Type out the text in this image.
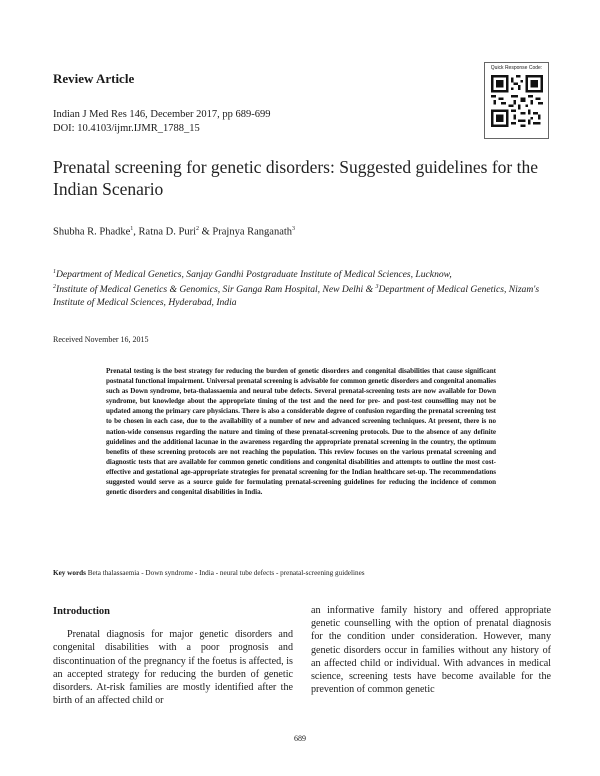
Review Article
Indian J Med Res 146, December 2017, pp 689-699
DOI: 10.4103/ijmr.IJMR_1788_15
Quick Response Code:
Prenatal screening for genetic disorders: Suggested guidelines for the Indian Scenario
Shubha R. Phadke$^1$, Ratna D. Puri$^2$ & Prajnya Ranganath$^3$
$^1$Department of Medical Genetics, Sanjay Gandhi Postgraduate Institute of Medical Sciences, Lucknow,
$^2$Institute of Medical Genetics & Genomics, Sir Ganga Ram Hospital, New Delhi & $^3$Department of Medical Genetics, Nizam's Institute of Medical Sciences, Hyderabad, India
Received November 16, 2015
Prenatal testing is the best strategy for reducing the burden of genetic disorders and congenital disabilities that cause significant postnatal functional impairment. Universal prenatal screening is advisable for common genetic disorders and congenital anomalies such as Down syndrome, beta-thalassaemia and neural tube defects. Several prenatal-screening tests are now available for Down syndrome, but knowledge about the appropriate timing of the test and the need for pre- and post-test counselling may not be updated among the primary care physicians. There is also a considerable degree of confusion regarding the prenatal screening test to be chosen in each case, due to the availability of a number of new and advanced screening techniques. At present, there is no nation-wide consensus regarding the nature and timing of these prenatal-screening protocols. Due to the absence of any definite guidelines and the additional lacunae in the awareness regarding the appropriate prenatal screening in the country, the optimum benefits of these screening protocols are not reaching the population. This review focuses on the various prenatal screening and diagnostic tests that are available for common genetic conditions and congenital disabilities and attempts to outline the most cost-effective and gestational age-appropriate strategies for prenatal screening for the Indian healthcare set-up. The recommendations suggested would serve as a source guide for formulating prenatal-screening guidelines for reducing the incidence of common genetic disorders and congenital disabilities in India.
Key words Beta thalassaemia - Down syndrome - India - neural tube defects - prenatal-screening guidelines
Introduction
Prenatal diagnosis for major genetic disorders and congenital disabilities with a poor prognosis and discontinuation of the pregnancy if the foetus is affected, is an accepted strategy for reducing the burden of genetic disorders. At-risk families are mostly identified after the birth of an affected child or
an informative family history and offered appropriate genetic counselling with the option of prenatal diagnosis for the condition under consideration. However, many genetic disorders occur in families without any history of an affected child or individual. With advances in medical science, screening tests have become available for the prevention of common genetic
689
